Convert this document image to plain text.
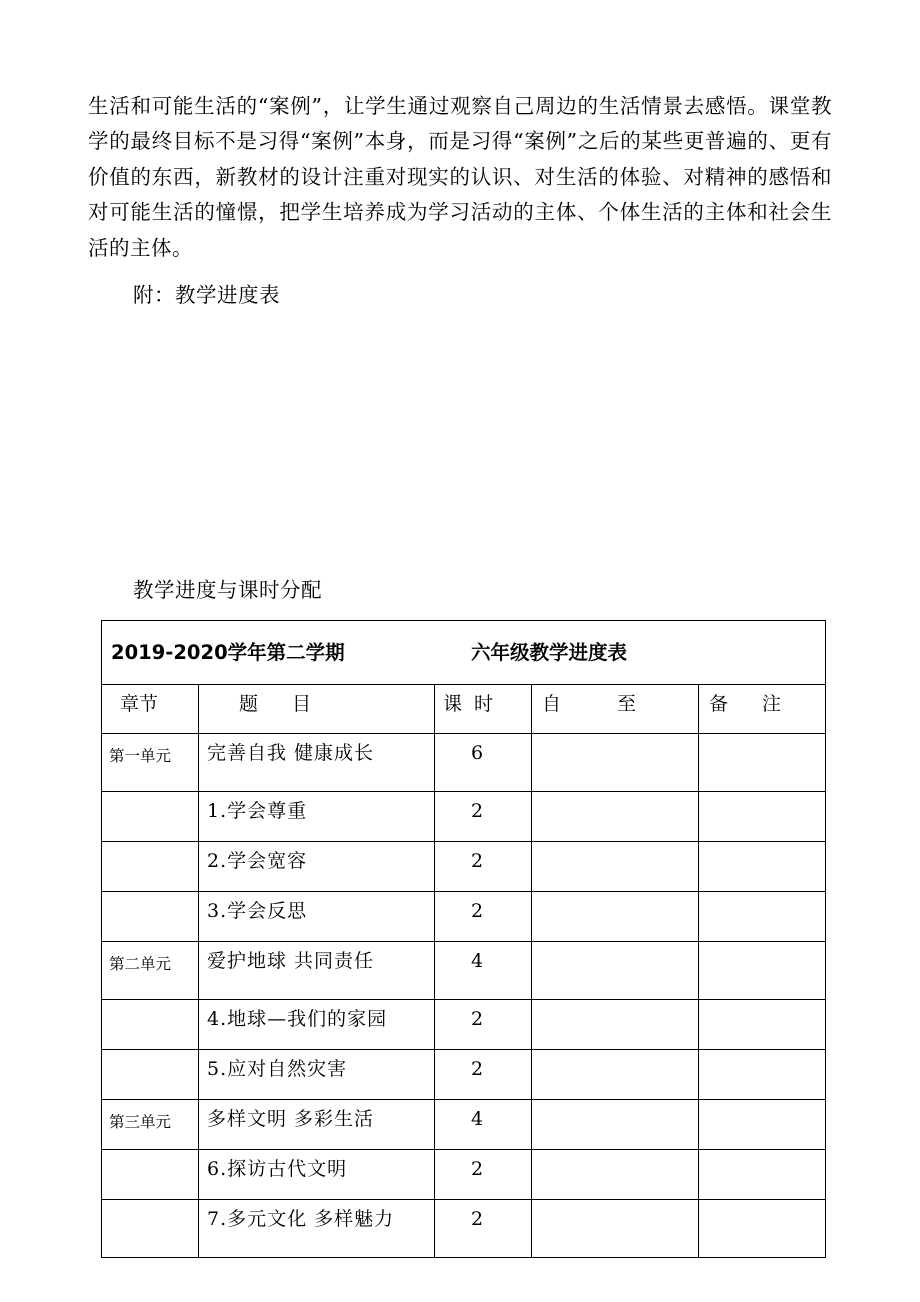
生活和可能生活的“案例”，让学生通过观察自己周边的生活情景去感悟。课堂教学的最终目标不是习得“案例”本身，而是习得“案例”之后的某些更普遍的、更有价值的东西，新教材的设计注重对现实的认识、对生活的体验、对精神的感悟和对可能生活的憧憬，把学生培养成为学习活动的主体、个体生活的主体和社会生活的主体。

附：教学进度表
教学进度与课时分配
2019-2020学年第二学期 六年级教学进度表				
章节	题 目	课时	自 至	备 注
第一单元	完善自我 健康成长	6		
	1.学会尊重	2		
	2.学会宽容	2		
	3.学会反思	2		
第二单元	爱护地球 共同责任	4		
	4.地球—我们的家园	2		
	5.应对自然灾害	2		
第三单元	多样文明 多彩生活	4		
	6.探访古代文明	2		
	7.多元文化 多样魅力	2		
